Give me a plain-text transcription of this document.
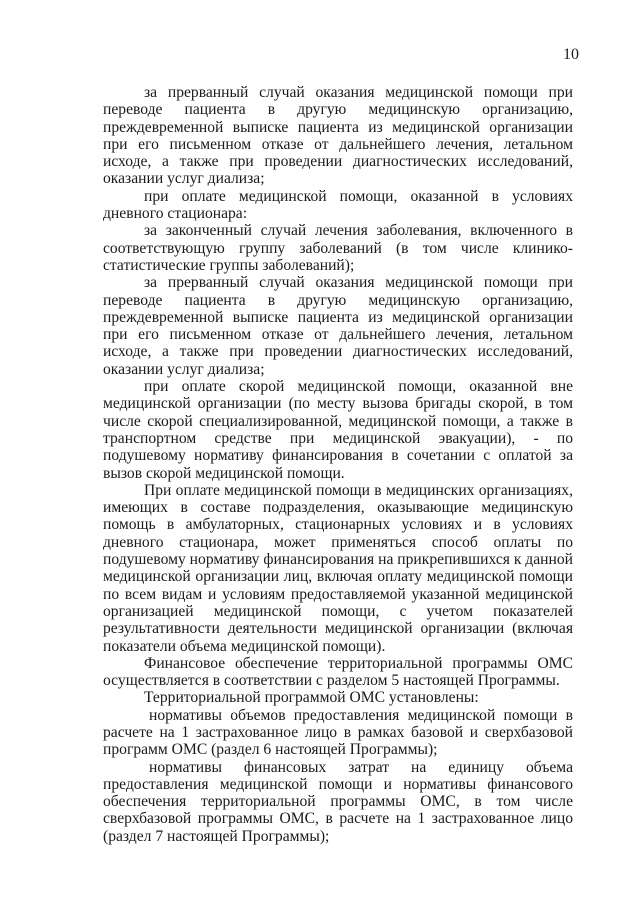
10

за прерванный случай оказания медицинской помощи при переводе пациента в другую медицинскую организацию, преждевременной выписке пациента из медицинской организации при его письменном отказе от дальнейшего лечения, летальном исходе, а также при проведении диагностических исследований, оказании услуг диализа;

при оплате медицинской помощи, оказанной в условиях дневного стационара:

за законченный случай лечения заболевания, включенного в соответствующую группу заболеваний (в том числе клинико-статистические группы заболеваний);

за прерванный случай оказания медицинской помощи при переводе пациента в другую медицинскую организацию, преждевременной выписке пациента из медицинской организации при его письменном отказе от дальнейшего лечения, летальном исходе, а также при проведении диагностических исследований, оказании услуг диализа;

при оплате скорой медицинской помощи, оказанной вне медицинской организации (по месту вызова бригады скорой, в том числе скорой специализированной, медицинской помощи, а также в транспортном средстве при медицинской эвакуации), - по подушевому нормативу финансирования в сочетании с оплатой за вызов скорой медицинской помощи.

При оплате медицинской помощи в медицинских организациях, имеющих в составе подразделения, оказывающие медицинскую помощь в амбулаторных, стационарных условиях и в условиях дневного стационара, может применяться способ оплаты по подушевому нормативу финансирования на прикрепившихся к данной медицинской организации лиц, включая оплату медицинской помощи по всем видам и условиям предоставляемой указанной медицинской организацией медицинской помощи, с учетом показателей результативности деятельности медицинской организации (включая показатели объема медицинской помощи).

Финансовое обеспечение территориальной программы ОМС осуществляется в соответствии с разделом 5 настоящей Программы.

Территориальной программой ОМС установлены:

нормативы объемов предоставления медицинской помощи в расчете на 1 застрахованное лицо в рамках базовой и сверхбазовой программ ОМС (раздел 6 настоящей Программы);

нормативы финансовых затрат на единицу объема предоставления медицинской помощи и нормативы финансового обеспечения территориальной программы ОМС, в том числе сверхбазовой программы ОМС, в расчете на 1 застрахованное лицо (раздел 7 настоящей Программы);
